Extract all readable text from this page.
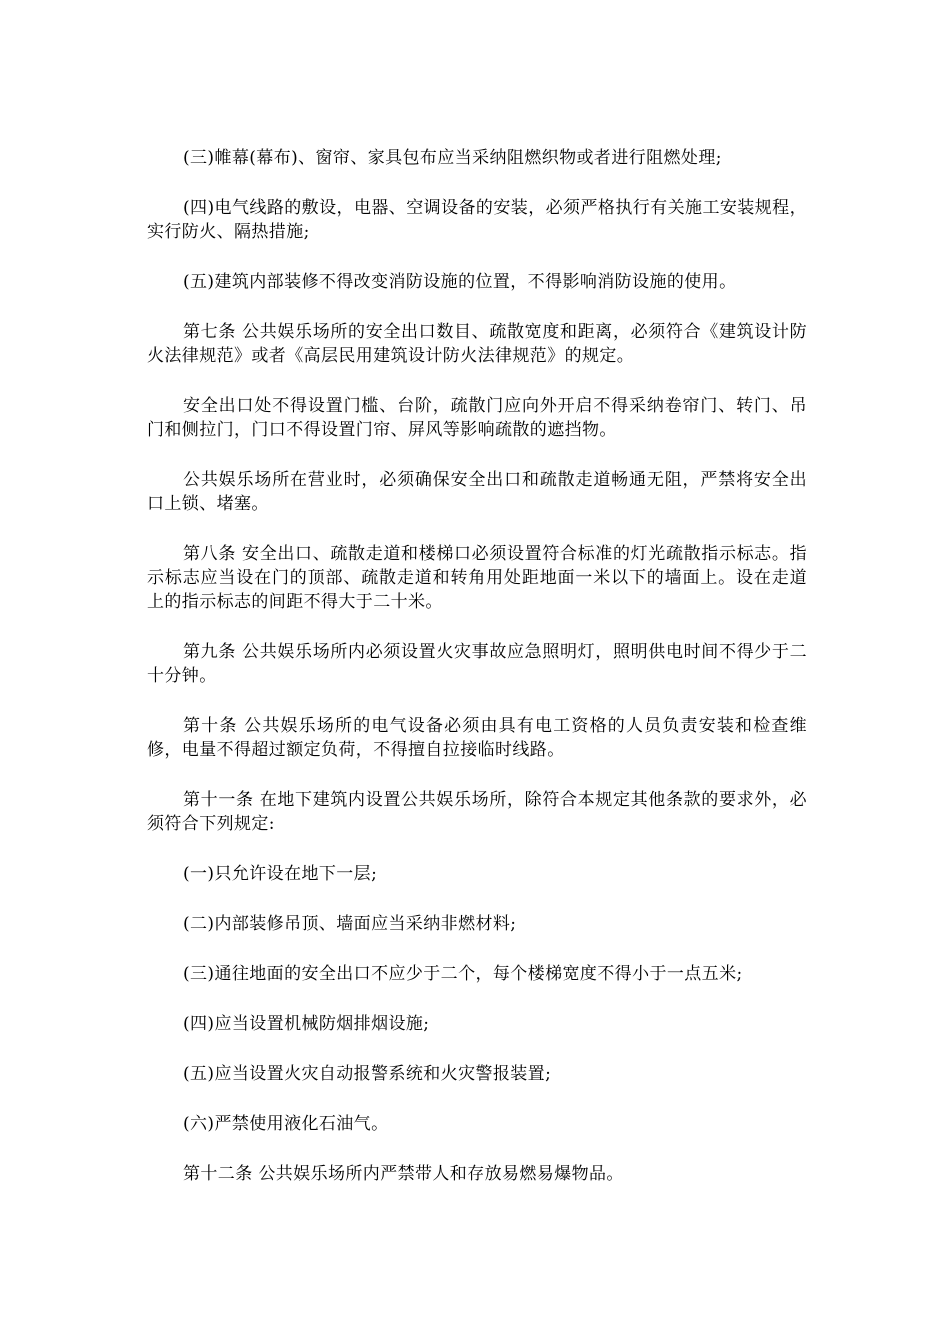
(三)帷幕(幕布)、窗帘、家具包布应当采纳阻燃织物或者进行阻燃处理;

(四)电气线路的敷设，电器、空调设备的安装，必须严格执行有关施工安装规程，实行防火、隔热措施;

(五)建筑内部装修不得改变消防设施的位置，不得影响消防设施的使用。

第七条 公共娱乐场所的安全出口数目、疏散宽度和距离，必须符合《建筑设计防火法律规范》或者《高层民用建筑设计防火法律规范》的规定。

安全出口处不得设置门槛、台阶，疏散门应向外开启不得采纳卷帘门、转门、吊门和侧拉门，门口不得设置门帘、屏风等影响疏散的遮挡物。

公共娱乐场所在营业时，必须确保安全出口和疏散走道畅通无阻，严禁将安全出口上锁、堵塞。

第八条 安全出口、疏散走道和楼梯口必须设置符合标准的灯光疏散指示标志。指示标志应当设在门的顶部、疏散走道和转角用处距地面一米以下的墙面上。设在走道上的指示标志的间距不得大于二十米。

第九条 公共娱乐场所内必须设置火灾事故应急照明灯，照明供电时间不得少于二十分钟。

第十条 公共娱乐场所的电气设备必须由具有电工资格的人员负责安装和检查维修，电量不得超过额定负荷，不得擅自拉接临时线路。

第十一条 在地下建筑内设置公共娱乐场所，除符合本规定其他条款的要求外，必须符合下列规定:

(一)只允许设在地下一层;

(二)内部装修吊顶、墙面应当采纳非燃材料;

(三)通往地面的安全出口不应少于二个，每个楼梯宽度不得小于一点五米;

(四)应当设置机械防烟排烟设施;

(五)应当设置火灾自动报警系统和火灾警报装置;

(六)严禁使用液化石油气。

第十二条 公共娱乐场所内严禁带人和存放易燃易爆物品。
